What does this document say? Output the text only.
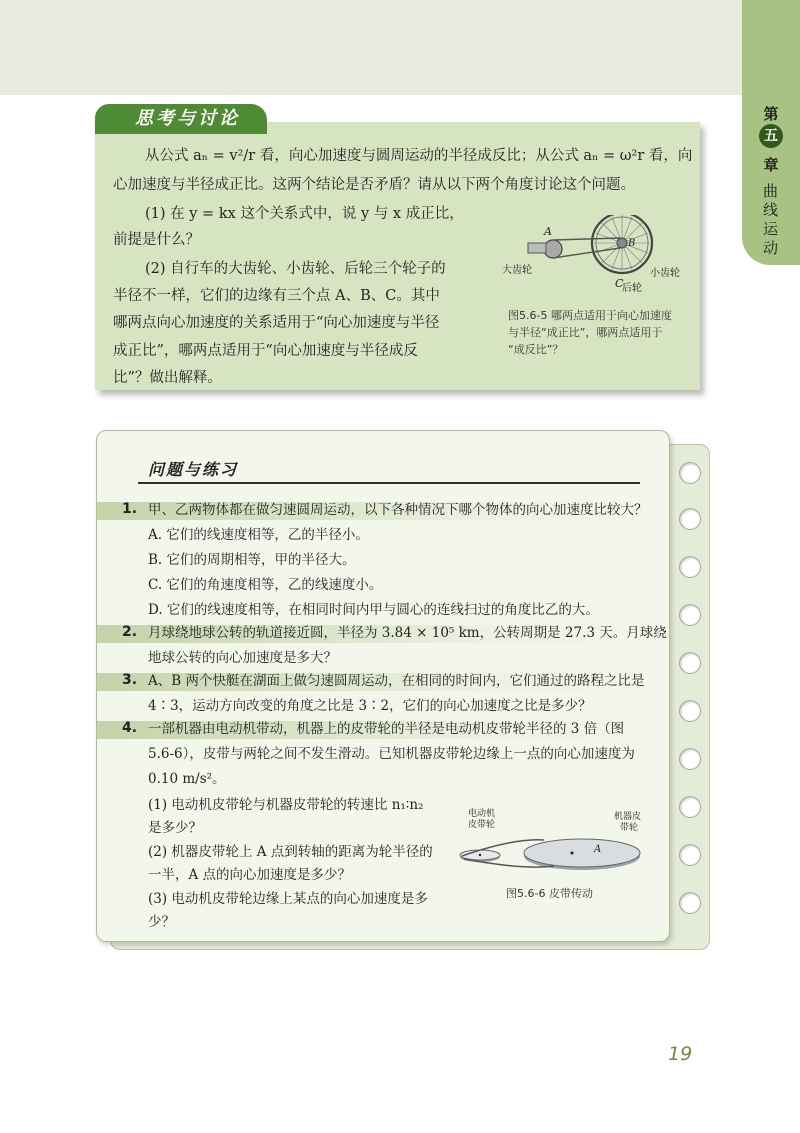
第
五
章
曲线运动
思考与讨论
从公式 aₙ = v²/r 看，向心加速度与圆周运动的半径成反比；从公式 aₙ = ω²r 看，向
心加速度与半径成正比。这两个结论是否矛盾？请从以下两个角度讨论这个问题。
(1) 在 y = kx 这个关系式中，说 y 与 x 成正比，
前提是什么？
(2) 自行车的大齿轮、小齿轮、后轮三个轮子的
半径不一样，它们的边缘有三个点 A、B、C。其中
哪两点向心加速度的关系适用于“向心加速度与半径
成正比”，哪两点适用于“向心加速度与半径成反
比”？做出解释。
A
B
C
大齿轮	小齿轮
后轮
图5.6-5 哪两点适用于向心加速度
与半径“成正比”，哪两点适用于
“成反比”？
问题与练习
1. 甲、乙两物体都在做匀速圆周运动，以下各种情况下哪个物体的向心加速度比较大？
A. 它们的线速度相等，乙的半径小。
B. 它们的周期相等，甲的半径大。
C. 它们的角速度相等，乙的线速度小。
D. 它们的线速度相等，在相同时间内甲与圆心的连线扫过的角度比乙的大。
2. 月球绕地球公转的轨道接近圆，半径为 3.84 × 10⁵ km，公转周期是 27.3 天。月球绕
地球公转的向心加速度是多大？
3. A、B 两个快艇在湖面上做匀速圆周运动，在相同的时间内，它们通过的路程之比是
4∶3，运动方向改变的角度之比是 3∶2，它们的向心加速度之比是多少？
4. 一部机器由电动机带动，机器上的皮带轮的半径是电动机皮带轮半径的 3 倍（图
5.6-6），皮带与两轮之间不发生滑动。已知机器皮带轮边缘上一点的向心加速度为
0.10 m/s²。
(1) 电动机皮带轮与机器皮带轮的转速比 n₁∶n₂
是多少？
(2) 机器皮带轮上 A 点到转轴的距离为轮半径的
一半，A 点的向心加速度是多少？
(3) 电动机皮带轮边缘上某点的向心加速度是多
少？
电动机
皮带轮
机器皮
带轮
A
图5.6-6 皮带传动
19
